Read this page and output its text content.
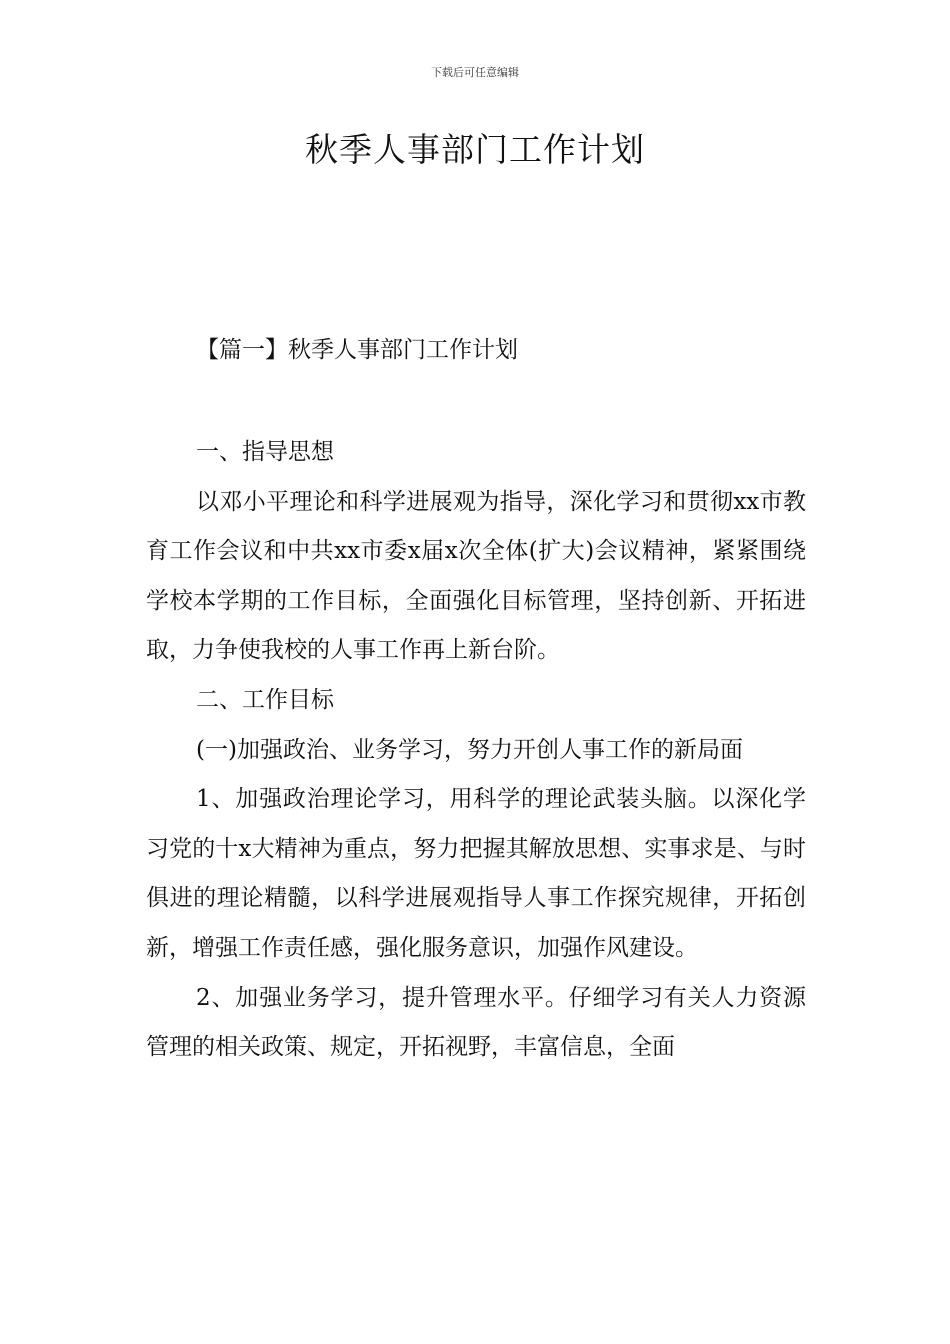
下载后可任意编辑
秋季人事部门工作计划
【篇一】秋季人事部门工作计划

一、指导思想

以邓小平理论和科学进展观为指导，深化学习和贯彻xx市教育工作会议和中共xx市委x届x次全体(扩大)会议精神，紧紧围绕学校本学期的工作目标，全面强化目标管理，坚持创新、开拓进取，力争使我校的人事工作再上新台阶。

二、工作目标

(一)加强政治、业务学习，努力开创人事工作的新局面

1、加强政治理论学习，用科学的理论武装头脑。以深化学习党的十x大精神为重点，努力把握其解放思想、实事求是、与时俱进的理论精髓，以科学进展观指导人事工作探究规律，开拓创新，增强工作责任感，强化服务意识，加强作风建设。

2、加强业务学习，提升管理水平。仔细学习有关人力资源管理的相关政策、规定，开拓视野，丰富信息，全面
